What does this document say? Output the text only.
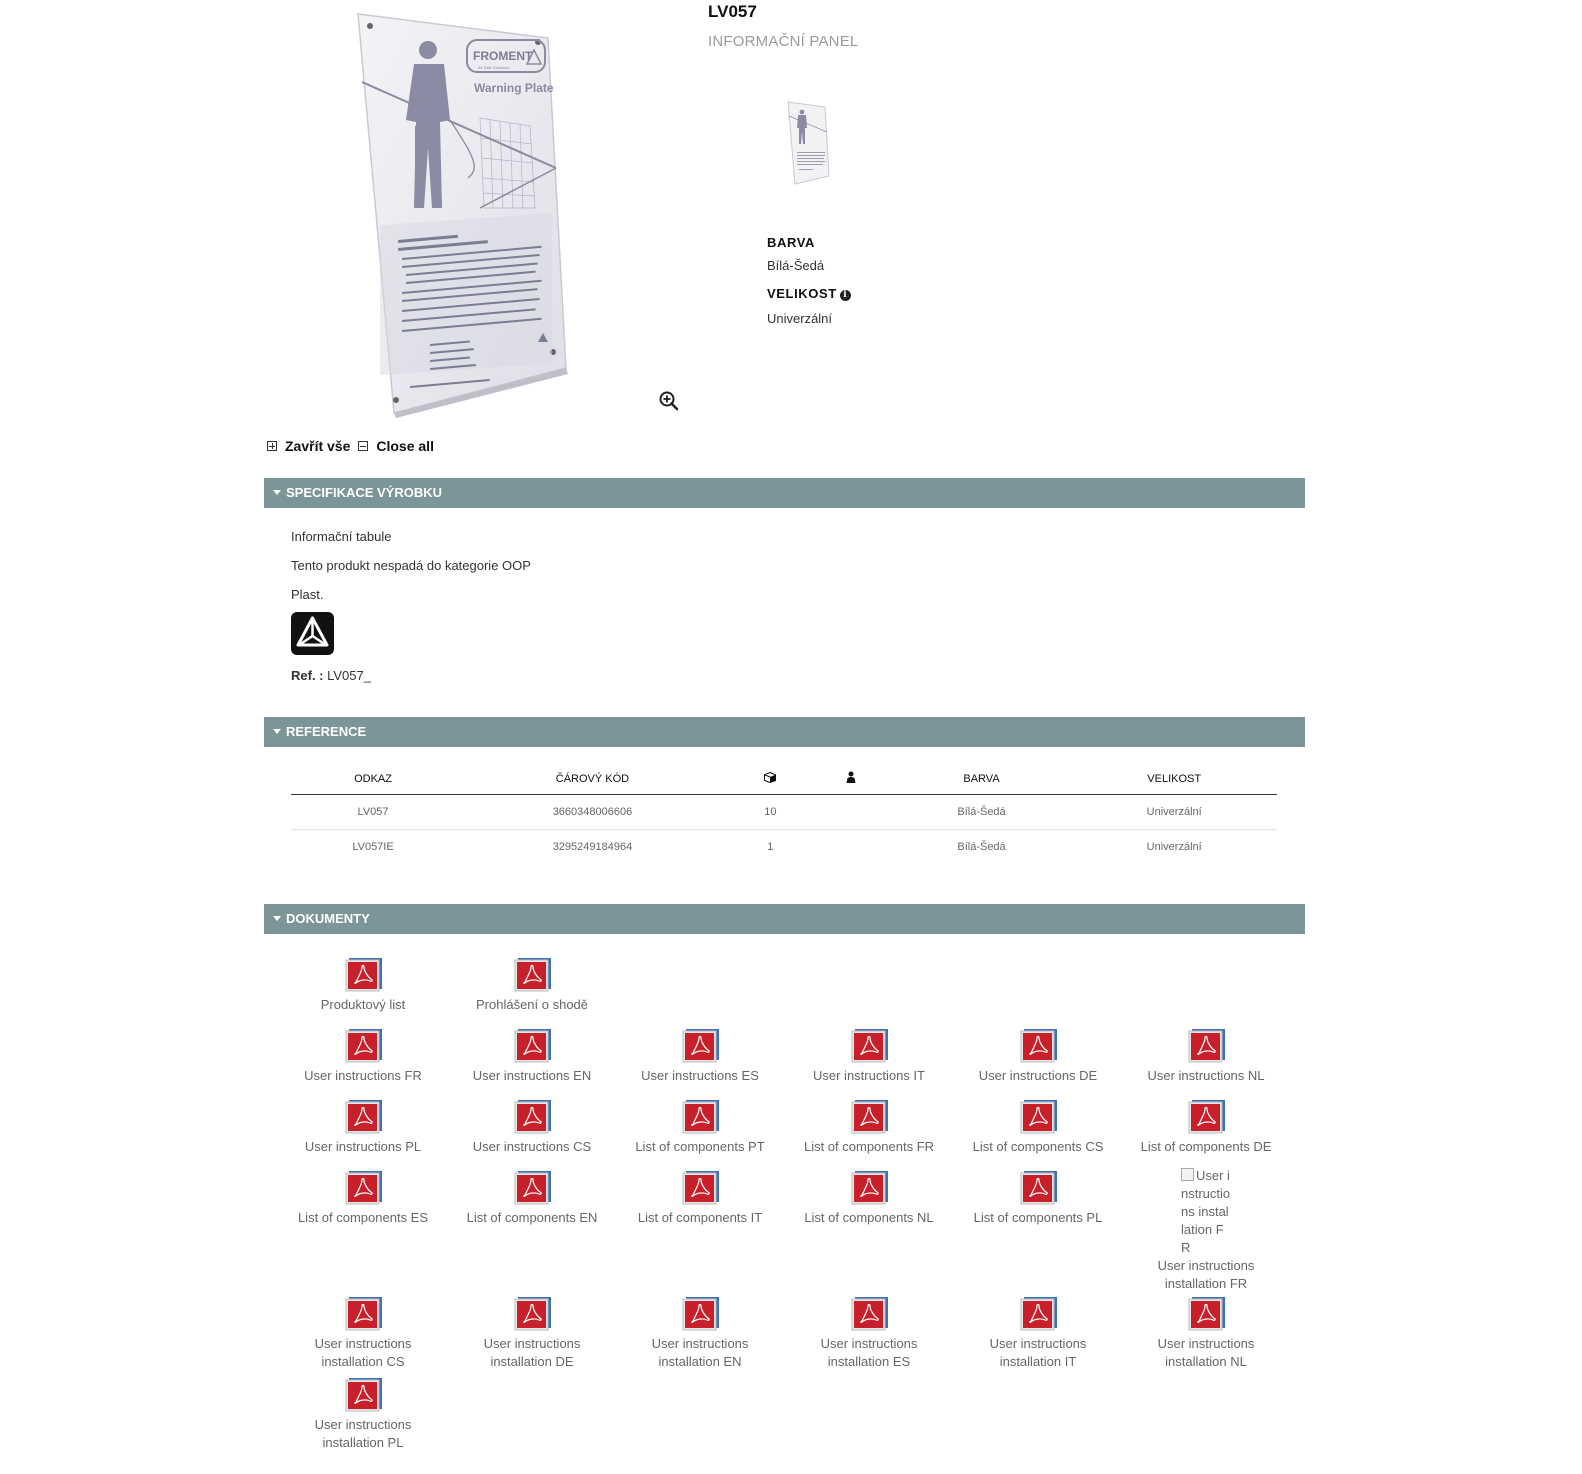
FROMENT
All Safe Solutions
Warning Plate
LV057
INFORMAČNÍ PANEL
BARVA
Bílá-Šedá
VELIKOST i
Univerzální
Zavřít vše Close all
SPECIFIKACE VÝROBKU
Informační tabule
Tento produkt nespadá do kategorie OOP
Plast.
Ref. : LV057_
REFERENCE
ODKAZ	ČÁROVÝ KÓD			BARVA	VELIKOST
LV057	3660348006606	10		Bílá-Šedá	Univerzální
LV057IE	3295249184964	1		Bílá-Šedá	Univerzální
DOKUMENTY
Produktový list	Prohlášení o shodě
User instructions FR	User instructions EN	User instructions ES	User instructions IT	User instructions DE	User instructions NL
User instructions PL	User instructions CS	List of components PT	List of components FR	List of components CS	List of components DE
List of components ES	List of components EN	List of components IT	List of components NL	List of components PL
User instructions installation FR
User instructions installation FR
User instructions installation CS
User instructions installation DE
User instructions installation EN
User instructions installation ES
User instructions installation IT
User instructions installation NL
User instructions installation PL
